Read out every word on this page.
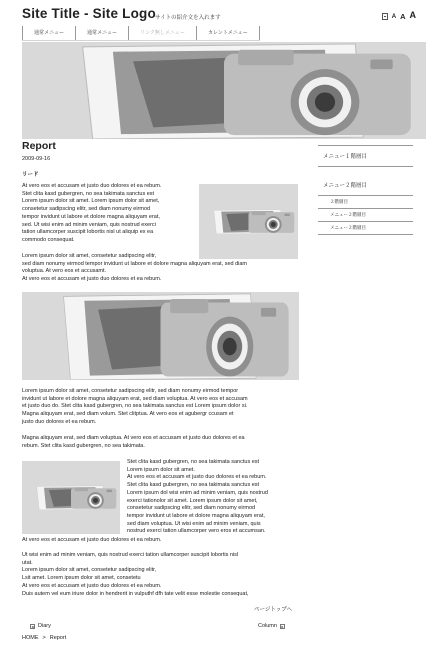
Site Title - Site Logo サイトの紹介文を入れます	A A A
通常メニュー	通常メニュー	リンク無しメニュー	カレントメニュー
Report
2009-09-16
リード

At vero eos et accusam et justo duo dolores et ea rebum.
Stet clita kasd gubergren, no sea takimata sanctus est
Lorem ipsum dolor sit amet. Lorem ipsum dolor sit amet,
consetetur sadipscing elitr, sed diam nonumy eirmod
tempor invidunt ut labore et dolore magna aliquyam erat,
sed. Ut wisi enim ad minim veniam, quis nostrud exerci
tation ullamcorper suscipit lobortis nisl ut aliquip ex ea
commodo consequat.

Lorem ipsum dolor sit amet, consetetur sadipscing elitr,
sed diam nonumy eirmod tempor invidunt ut labore et dolore magna aliquyam erat, sed diam
voluptua. At vero eos et accusamt.
At vero eos et accusam et justo duo dolores et ea rebum.

Lorem ipsum dolor sit amet, consetetur sadipscing elitr, sed diam nonumy eirmod tempor
invidunt ut labore et dolore magna aliquyam erat, sed diam voluptua. At vero eos et accusam
et justo duo do. Stet clita kasd gubergren, no sea takimata sanctus est Lorem ipsum dolor si.
Magna aliquyam erat, sed diam volum. Stet clitptua. At vero eos et agubergr ccusam et
justo duo dolores et ea rebum.

Magna aliquyam erat, sed diam voluptua. At vero eos et accusam et justo duo dolores et ea
rebum. Stet clita kasd gubergren, no sea takimata.

Stet clita kasd gubergren, no sea takimata sanctus est
Lorem ipsum dolor sit amet.
At vero eos et accusam et justo duo dolores et ea rebum.
Stet clita kasd gubergren, no sea takimata sanctus est
Lorem ipsum dol wisi enim ad minim veniam, quis nostrud
exerci tationolor sit amet. Lorem ipsum dolor sit amet,
consetetur sadipscing elitr, sed diam nonumy eirmod
tempor invidunt ut labore et dolore magna aliquyam erat,
sed diam voluptua. Ut wisi enim ad minim veniam, quis
nostrud exerci tation ullamcorper vero eros et accumsan.

At vero eos et accusam et justo duo dolores et ea rebum.

Ut wisi enim ad minim veniam, quis nostrud exerci tation ullamcorper suscipit lobortis nisl
utat.
Lorem ipsum dolor sit amet, consetetur sadipscing elitr,
Lsit amet. Lorem ipsum dolor sit amet, consetetu
At vero eos et accusam et justo duo dolores et ea rebum.
Duis autem vel eum iriure dolor in hendrerit in vulputhf dfh tate velit esse molestie consequat,

ページトップへ
◂ Diary	Column	▸
HOME > Report
メニュー１階層目
メニュー２階層目
２階層目
メニュー２階層目
メニュー２階層目
